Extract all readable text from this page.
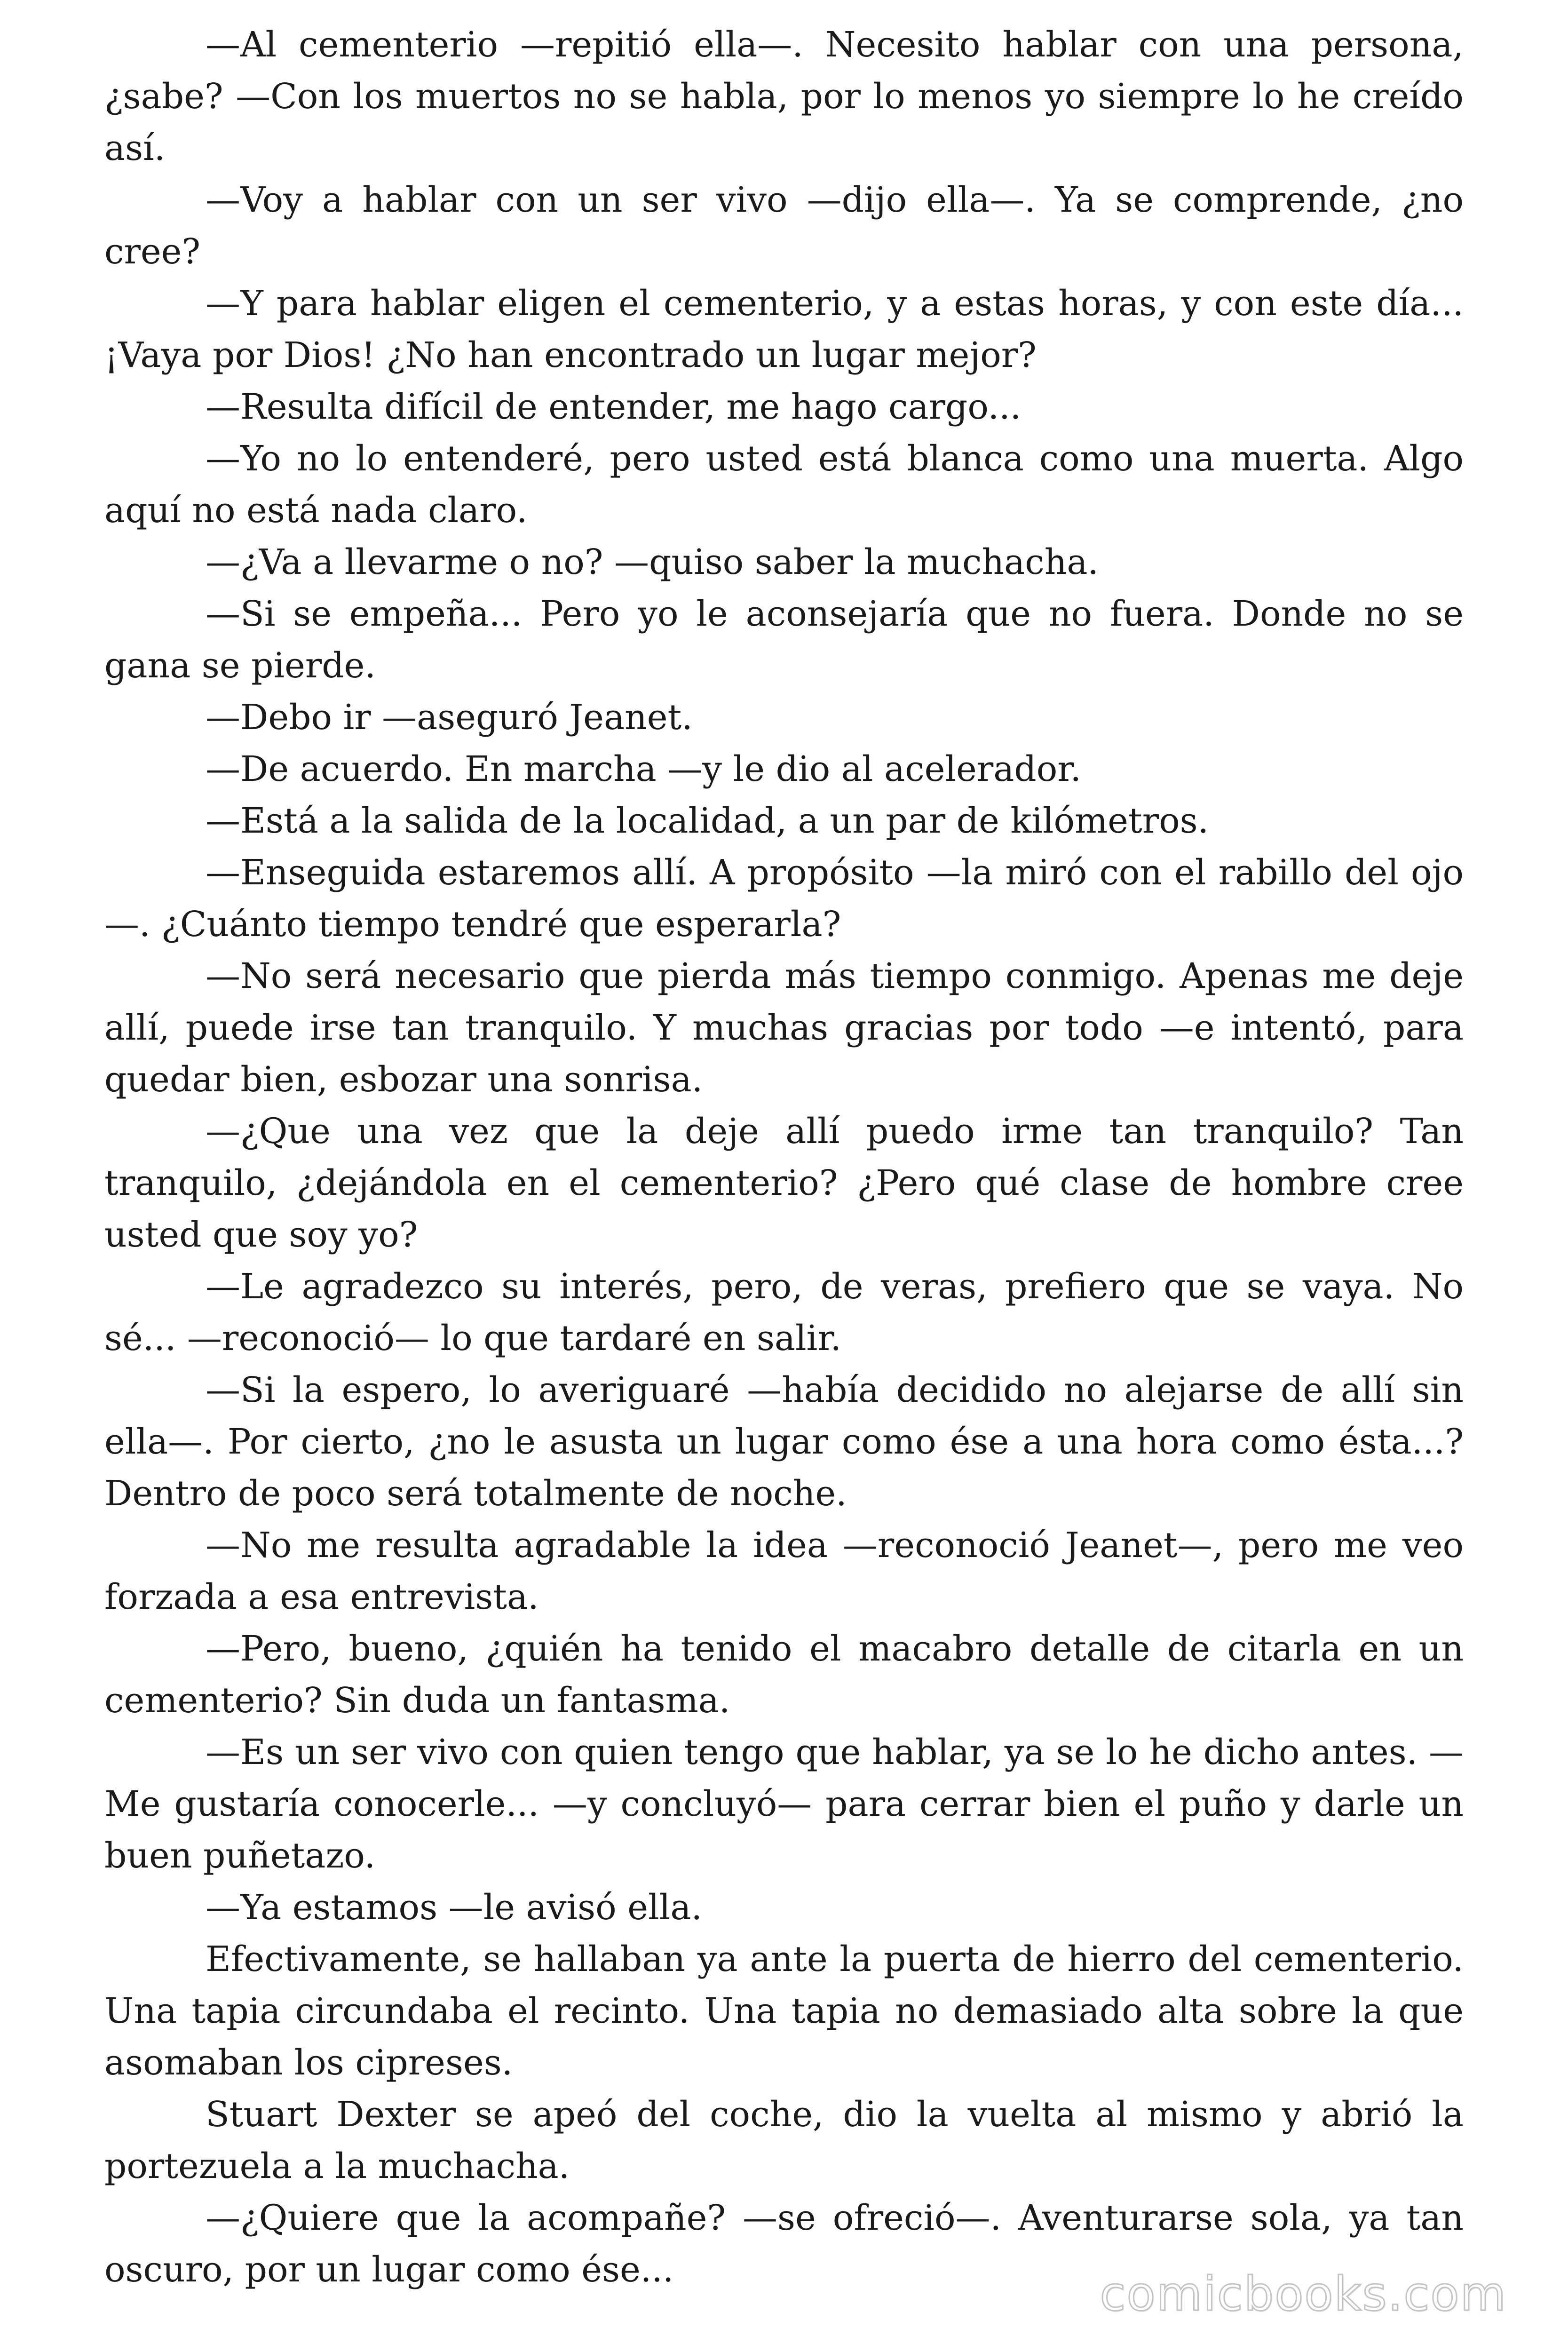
—Al cementerio —repitió ella—. Necesito hablar con una persona, ¿sabe? —Con los muertos no se habla, por lo menos yo siempre lo he creído así.

—Voy a hablar con un ser vivo —dijo ella—. Ya se comprende, ¿no cree?

—Y para hablar eligen el cementerio, y a estas horas, y con este día... ¡Vaya por Dios! ¿No han encontrado un lugar mejor?

—Resulta difícil de entender, me hago cargo...

—Yo no lo entenderé, pero usted está blanca como una muerta. Algo aquí no está nada claro.

—¿Va a llevarme o no? —quiso saber la muchacha.

—Si se empeña... Pero yo le aconsejaría que no fuera. Donde no se gana se pierde.

—Debo ir —aseguró Jeanet.

—De acuerdo. En marcha —y le dio al acelerador.

—Está a la salida de la localidad, a un par de kilómetros.

—Enseguida estaremos allí. A propósito —la miró con el rabillo del ojo—. ¿Cuánto tiempo tendré que esperarla?

—No será necesario que pierda más tiempo conmigo. Apenas me deje allí, puede irse tan tranquilo. Y muchas gracias por todo —e intentó, para quedar bien, esbozar una sonrisa.

—¿Que una vez que la deje allí puedo irme tan tranquilo? Tan tranquilo, ¿dejándola en el cementerio? ¿Pero qué clase de hombre cree usted que soy yo?

—Le agradezco su interés, pero, de veras, prefiero que se vaya. No sé... —reconoció— lo que tardaré en salir.

—Si la espero, lo averiguaré —había decidido no alejarse de allí sin ella—. Por cierto, ¿no le asusta un lugar como ése a una hora como ésta...? Dentro de poco será totalmente de noche.

—No me resulta agradable la idea —reconoció Jeanet—, pero me veo forzada a esa entrevista.

—Pero, bueno, ¿quién ha tenido el macabro detalle de citarla en un cementerio? Sin duda un fantasma.

—Es un ser vivo con quien tengo que hablar, ya se lo he dicho antes. —Me gustaría conocerle... —y concluyó— para cerrar bien el puño y darle un buen puñetazo.

—Ya estamos —le avisó ella.

Efectivamente, se hallaban ya ante la puerta de hierro del cementerio. Una tapia circundaba el recinto. Una tapia no demasiado alta sobre la que asomaban los cipreses.

Stuart Dexter se apeó del coche, dio la vuelta al mismo y abrió la portezuela a la muchacha.

—¿Quiere que la acompañe? —se ofreció—. Aventurarse sola, ya tan oscuro, por un lugar como ése...	comicbooks.com
